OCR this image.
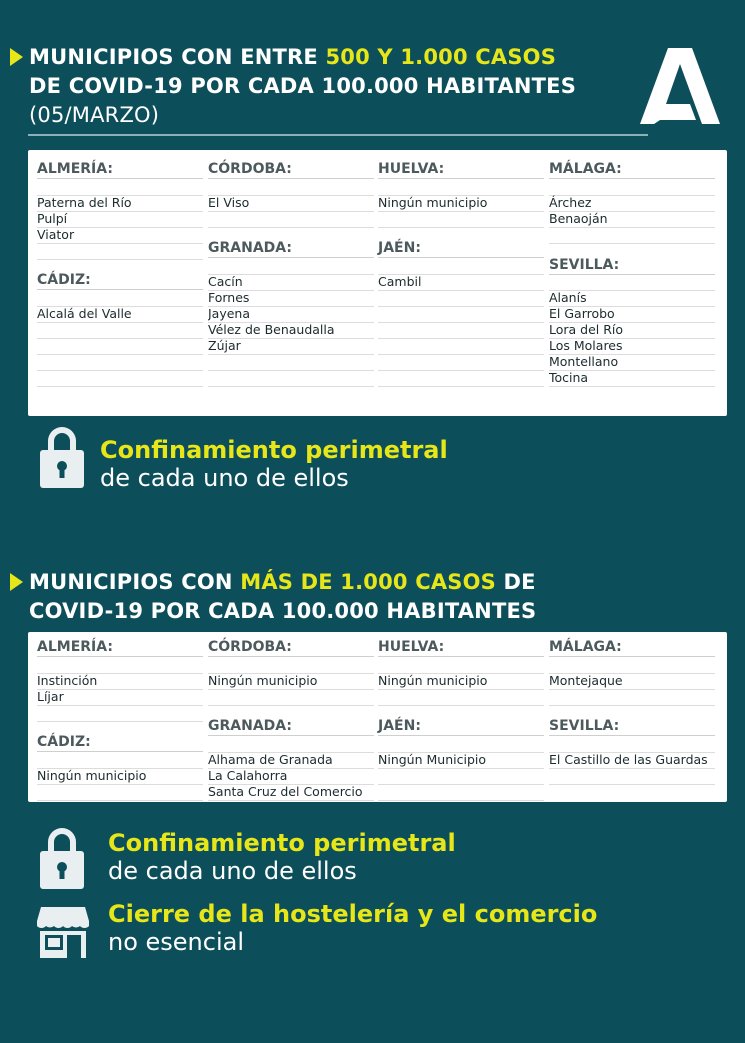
MUNICIPIOS CON ENTRE 500 Y 1.000 CASOS
DE COVID-19 POR CADA 100.000 HABITANTES
(05/MARZO)
ALMERÍA:
Paterna del Río
Pulpí
Viator
CÁDIZ:
Alcalá del Valle
CÓRDOBA:
El Viso
GRANADA:
Cacín
Fornes
Jayena
Vélez de Benaudalla
Zújar
HUELVA:
Ningún municipio
JAÉN:
Cambil
MÁLAGA:
Árchez
Benaoján
SEVILLA:
Alanís
El Garrobo
Lora del Río
Los Molares
Montellano
Tocina
Confinamiento perimetral
de cada uno de ellos
MUNICIPIOS CON MÁS DE 1.000 CASOS DE
COVID-19 POR CADA 100.000 HABITANTES
ALMERÍA:
Instinción
Líjar
CÁDIZ:
Ningún municipio
CÓRDOBA:
Ningún municipio
GRANADA:
Alhama de Granada
La Calahorra
Santa Cruz del Comercio
HUELVA:
Ningún municipio
JAÉN:
Ningún Municipio
MÁLAGA:
Montejaque
SEVILLA:
El Castillo de las Guardas
Confinamiento perimetral
de cada uno de ellos
Cierre de la hostelería y el comercio
no esencial
